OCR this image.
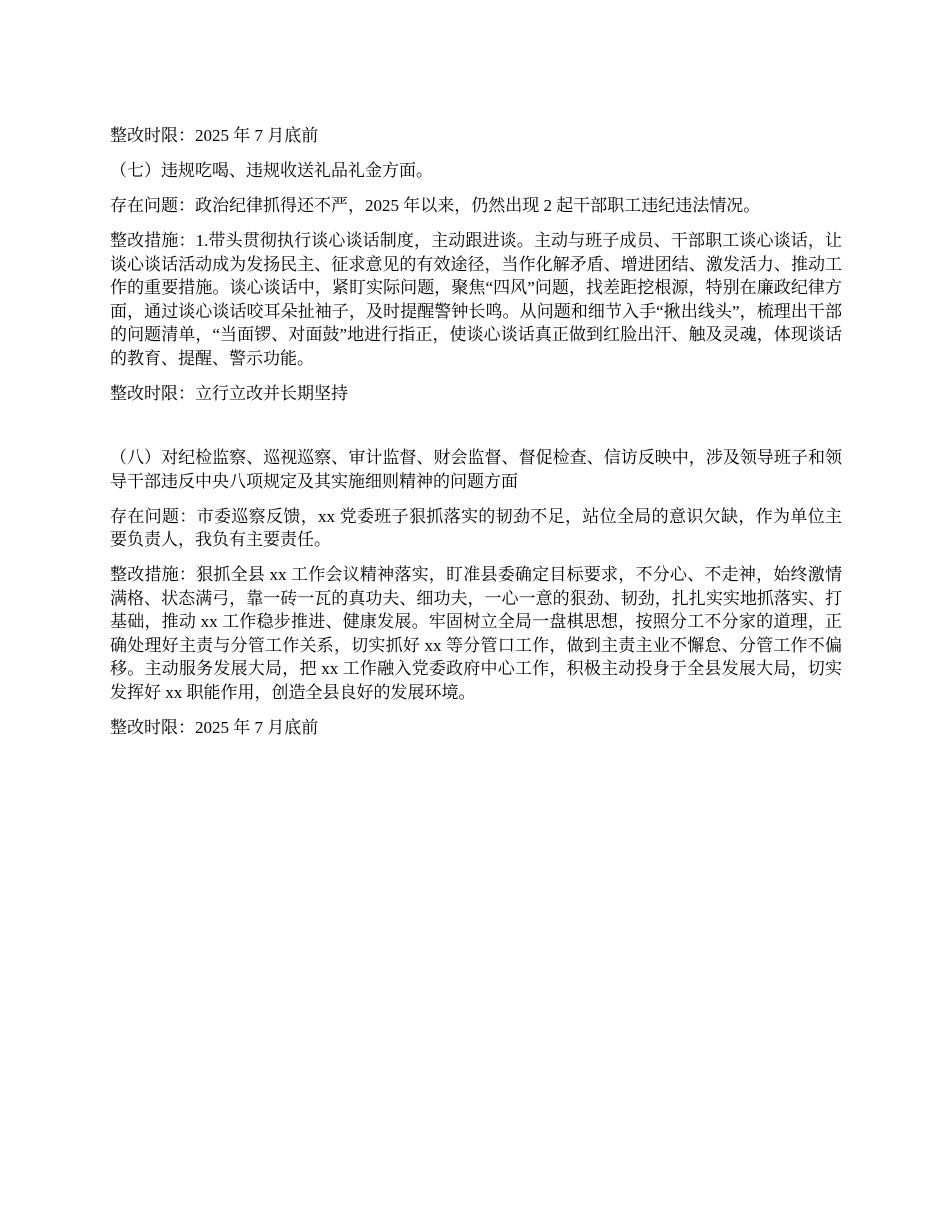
整改时限：2025 年 7 月底前

（七）违规吃喝、违规收送礼品礼金方面。

存在问题：政治纪律抓得还不严，2025 年以来，仍然出现 2 起干部职工违纪违法情况。

整改措施：1.带头贯彻执行谈心谈话制度，主动跟进谈。主动与班子成员、干部职工谈心谈话，让谈心谈话活动成为发扬民主、征求意见的有效途径，当作化解矛盾、增进团结、激发活力、推动工作的重要措施。谈心谈话中，紧盯实际问题，聚焦“四风”问题，找差距挖根源，特别在廉政纪律方面，通过谈心谈话咬耳朵扯袖子，及时提醒警钟长鸣。从问题和细节入手“揪出线头”，梳理出干部的问题清单，“当面锣、对面鼓”地进行指正，使谈心谈话真正做到红脸出汗、触及灵魂，体现谈话的教育、提醒、警示功能。

整改时限：立行立改并长期坚持

（八）对纪检监察、巡视巡察、审计监督、财会监督、督促检查、信访反映中，涉及领导班子和领导干部违反中央八项规定及其实施细则精神的问题方面

存在问题：市委巡察反馈，xx 党委班子狠抓落实的韧劲不足，站位全局的意识欠缺，作为单位主要负责人，我负有主要责任。

整改措施：狠抓全县 xx 工作会议精神落实，盯准县委确定目标要求，不分心、不走神，始终激情满格、状态满弓，靠一砖一瓦的真功夫、细功夫，一心一意的狠劲、韧劲，扎扎实实地抓落实、打基础，推动 xx 工作稳步推进、健康发展。牢固树立全局一盘棋思想，按照分工不分家的道理，正确处理好主责与分管工作关系，切实抓好 xx 等分管口工作，做到主责主业不懈怠、分管工作不偏移。主动服务发展大局，把 xx 工作融入党委政府中心工作，积极主动投身于全县发展大局，切实发挥好 xx 职能作用，创造全县良好的发展环境。

整改时限：2025 年 7 月底前
